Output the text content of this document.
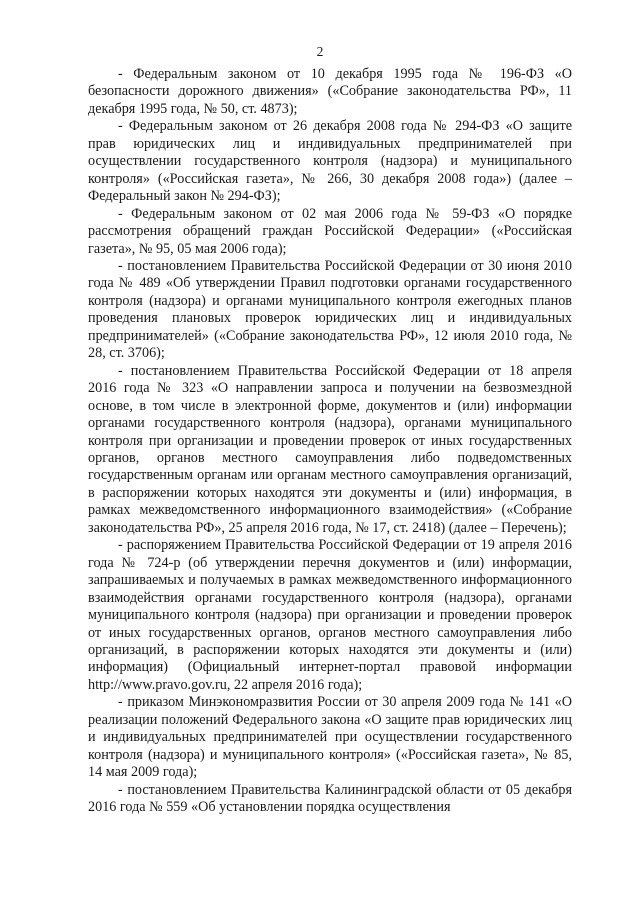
2

- Федеральным законом от 10 декабря 1995 года № 196-ФЗ «О безопасности дорожного движения» («Собрание законодательства РФ», 11 декабря 1995 года, № 50, ст. 4873);

- Федеральным законом от 26 декабря 2008 года № 294-ФЗ «О защите прав юридических лиц и индивидуальных предпринимателей при осуществлении государственного контроля (надзора) и муниципального контроля» («Российская газета», № 266, 30 декабря 2008 года») (далее – Федеральный закон № 294-ФЗ);

- Федеральным законом от 02 мая 2006 года № 59-ФЗ «О порядке рассмотрения обращений граждан Российской Федерации» («Российская газета», № 95, 05 мая 2006 года);

- постановлением Правительства Российской Федерации от 30 июня 2010 года № 489 «Об утверждении Правил подготовки органами государственного контроля (надзора) и органами муниципального контроля ежегодных планов проведения плановых проверок юридических лиц и индивидуальных предпринимателей» («Собрание законодательства РФ», 12 июля 2010 года, № 28, ст. 3706);

- постановлением Правительства Российской Федерации от 18 апреля 2016 года № 323 «О направлении запроса и получении на безвозмездной основе, в том числе в электронной форме, документов и (или) информации органами государственного контроля (надзора), органами муниципального контроля при организации и проведении проверок от иных государственных органов, органов местного самоуправления либо подведомственных государственным органам или органам местного самоуправления организаций, в распоряжении которых находятся эти документы и (или) информация, в рамках межведомственного информационного взаимодействия» («Собрание законодательства РФ», 25 апреля 2016 года, № 17, ст. 2418) (далее – Перечень);

- распоряжением Правительства Российской Федерации от 19 апреля 2016 года № 724-р (об утверждении перечня документов и (или) информации, запрашиваемых и получаемых в рамках межведомственного информационного взаимодействия органами государственного контроля (надзора), органами муниципального контроля (надзора) при организации и проведении проверок от иных государственных органов, органов местного самоуправления либо организаций, в распоряжении которых находятся эти документы и (или) информация) (Официальный интернет-портал правовой информации http://www.pravo.gov.ru, 22 апреля 2016 года);

- приказом Минэкономразвития России от 30 апреля 2009 года № 141 «О реализации положений Федерального закона «О защите прав юридических лиц и индивидуальных предпринимателей при осуществлении государственного контроля (надзора) и муниципального контроля» («Российская газета», № 85, 14 мая 2009 года);

- постановлением Правительства Калининградской области от 05 декабря 2016 года № 559 «Об установлении порядка осуществления
